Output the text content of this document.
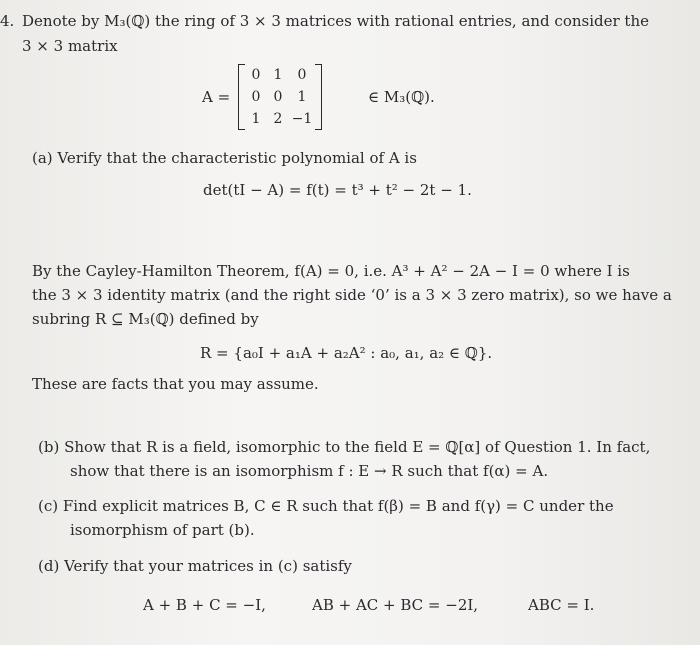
4. Denote by M₃(ℚ) the ring of 3 × 3 matrices with rational entries, and consider the
3 × 3 matrix
A =
0 1	0
0 0	1
1 2 −1
∈ M₃(ℚ).
(a) Verify that the characteristic polynomial of A is
det(tI − A) = f(t) = t³ + t² − 2t − 1.
By the Cayley-Hamilton Theorem, f(A) = 0, i.e. A³ + A² − 2A − I = 0 where I is
the 3 × 3 identity matrix (and the right side ‘0’ is a 3 × 3 zero matrix), so we have a
subring R ⊆ M₃(ℚ) defined by
R = {a₀I + a₁A + a₂A² : a₀, a₁, a₂ ∈ ℚ}.
These are facts that you may assume.
(b) Show that R is a field, isomorphic to the field E = ℚ[α] of Question 1. In fact,
show that there is an isomorphism f : E → R such that f(α) = A.
(c) Find explicit matrices B, C ∈ R such that f(β) = B and f(γ) = C under the
isomorphism of part (b).
(d) Verify that your matrices in (c) satisfy
A + B + C = −I,	AB + AC + BC = −2I,	ABC = I.
